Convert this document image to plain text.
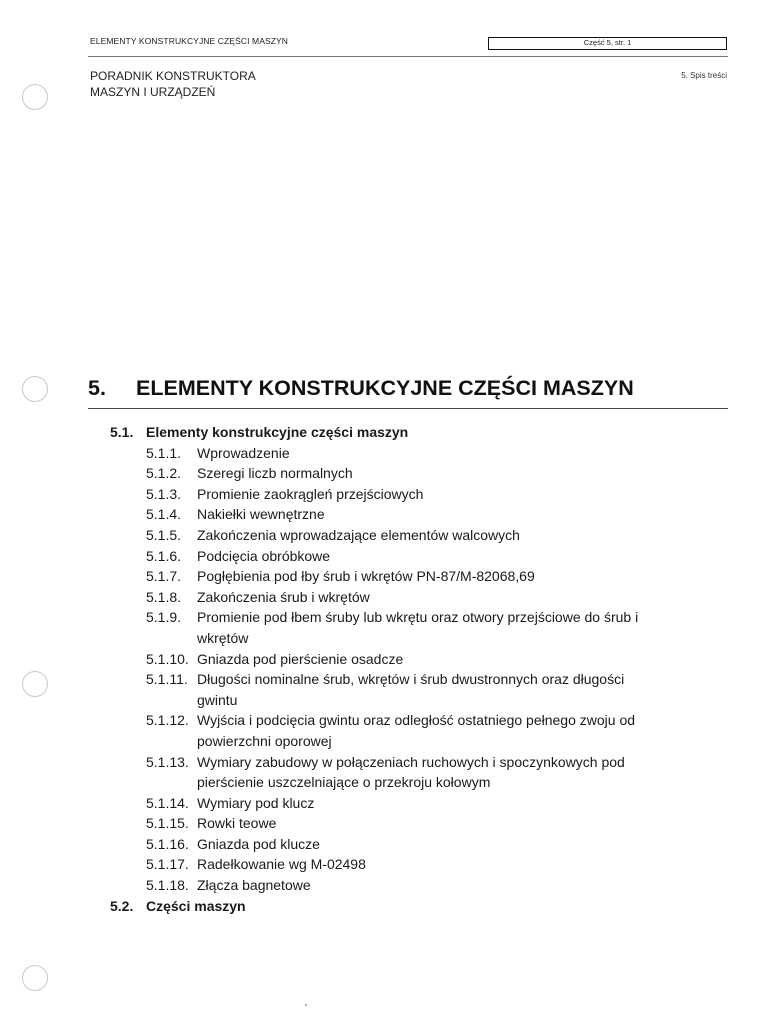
ELEMENTY KONSTRUKCYJNE CZĘŚCI MASZYN	Część 5, str. 1
PORADNIK KONSTRUKTORA
MASZYN I URZĄDZEŃ
5. Spis treści
5. ELEMENTY KONSTRUKCYJNE CZĘŚCI MASZYN
5.1. Elementy konstrukcyjne części maszyn
5.1.1.	Wprowadzenie
5.1.2.	Szeregi liczb normalnych
5.1.3.	Promienie zaokrągleń przejściowych
5.1.4.	Nakiełki wewnętrzne
5.1.5.	Zakończenia wprowadzające elementów walcowych
5.1.6.	Podcięcia obróbkowe
5.1.7.	Pogłębienia pod łby śrub i wkrętów PN-87/M-82068,69
5.1.8.	Zakończenia śrub i wkrętów
5.1.9.	Promienie pod łbem śruby lub wkrętu oraz otwory przejściowe do śrub i wkrętów
5.1.10. Gniazda pod pierścienie osadcze
5.1.11. Długości nominalne śrub, wkrętów i śrub dwustronnych oraz długości gwintu
5.1.12. Wyjścia i podcięcia gwintu oraz odległość ostatniego pełnego zwoju od powierzchni oporowej
5.1.13. Wymiary zabudowy w połączeniach ruchowych i spoczynkowych pod pierścienie uszczelniające o przekroju kołowym
5.1.14. Wymiary pod klucz
5.1.15. Rowki teowe
5.1.16. Gniazda pod klucze
5.1.17. Radełkowanie wg M-02498
5.1.18. Złącza bagnetowe
5.2. Części maszyn
